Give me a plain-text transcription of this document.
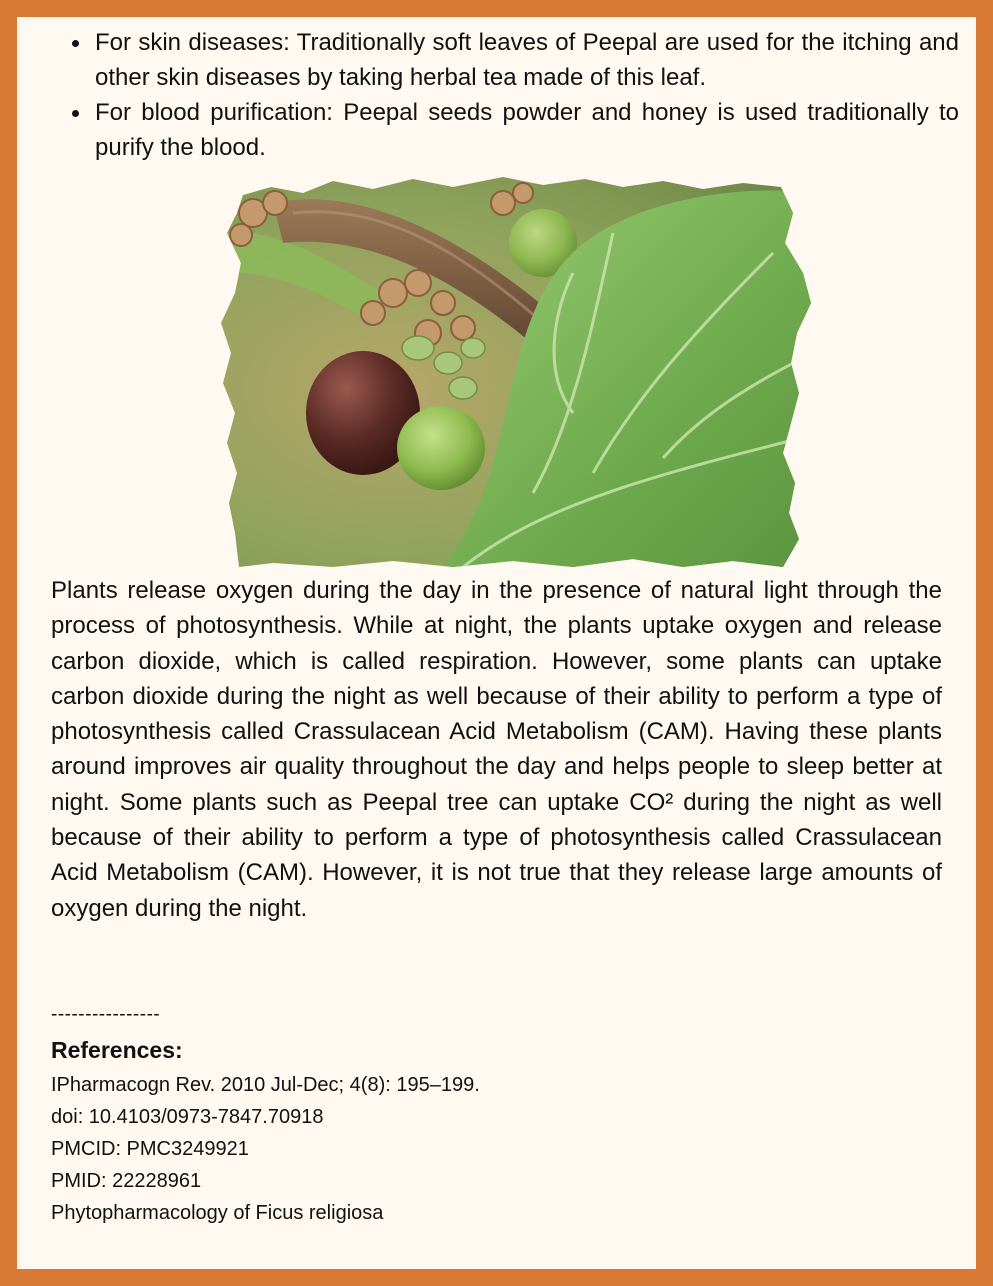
For skin diseases: Traditionally soft leaves of Peepal are used for the itching and other skin diseases by taking herbal tea made of this leaf.
For blood purification: Peepal seeds powder and honey is used traditionally to purify the blood.

Plants release oxygen during the day in the presence of natural light through the process of photosynthesis. While at night, the plants uptake oxygen and release carbon dioxide, which is called respiration. However, some plants can uptake carbon dioxide during the night as well because of their ability to perform a type of photosynthesis called Crassulacean Acid Metabolism (CAM). Having these plants around improves air quality throughout the day and helps people to sleep better at night. Some plants such as Peepal tree can uptake CO² during the night as well because of their ability to perform a type of photosynthesis called Crassulacean Acid Metabolism (CAM). However, it is not true that they release large amounts of oxygen during the night.

----------------
References:
IPharmacogn Rev. 2010 Jul-Dec; 4(8): 195–199.
doi: 10.4103/0973-7847.70918
PMCID: PMC3249921
PMID: 22228961
Phytopharmacology of Ficus religiosa
